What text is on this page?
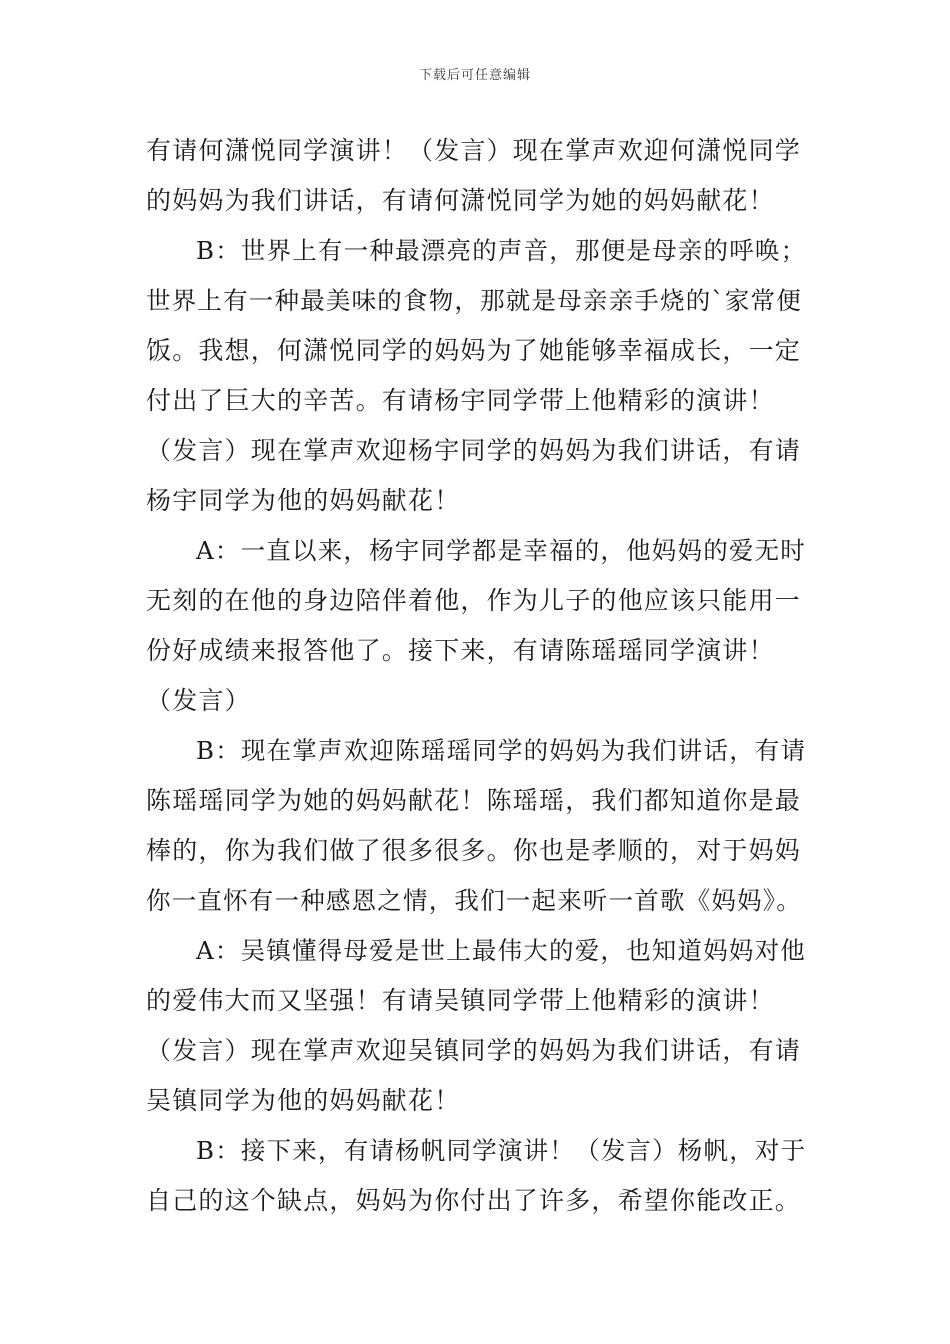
下载后可任意编辑
有请何潇悦同学演讲！（发言）现在掌声欢迎何潇悦同学
的妈妈为我们讲话，有请何潇悦同学为她的妈妈献花！
B：世界上有一种最漂亮的声音，那便是母亲的呼唤；
世界上有一种最美味的食物，那就是母亲亲手烧的`家常便
饭。我想，何潇悦同学的妈妈为了她能够幸福成长，一定
付出了巨大的辛苦。有请杨宇同学带上他精彩的演讲！
（发言）现在掌声欢迎杨宇同学的妈妈为我们讲话，有请
杨宇同学为他的妈妈献花！
A：一直以来，杨宇同学都是幸福的，他妈妈的爱无时
无刻的在他的身边陪伴着他，作为儿子的他应该只能用一
份好成绩来报答他了。接下来，有请陈瑶瑶同学演讲！
（发言）
B：现在掌声欢迎陈瑶瑶同学的妈妈为我们讲话，有请
陈瑶瑶同学为她的妈妈献花！陈瑶瑶，我们都知道你是最
棒的，你为我们做了很多很多。你也是孝顺的，对于妈妈
你一直怀有一种感恩之情，我们一起来听一首歌《妈妈》。
A：吴镇懂得母爱是世上最伟大的爱，也知道妈妈对他
的爱伟大而又坚强！有请吴镇同学带上他精彩的演讲！
（发言）现在掌声欢迎吴镇同学的妈妈为我们讲话，有请
吴镇同学为他的妈妈献花！
B：接下来，有请杨帆同学演讲！（发言）杨帆，对于
自己的这个缺点，妈妈为你付出了许多，希望你能改正。
